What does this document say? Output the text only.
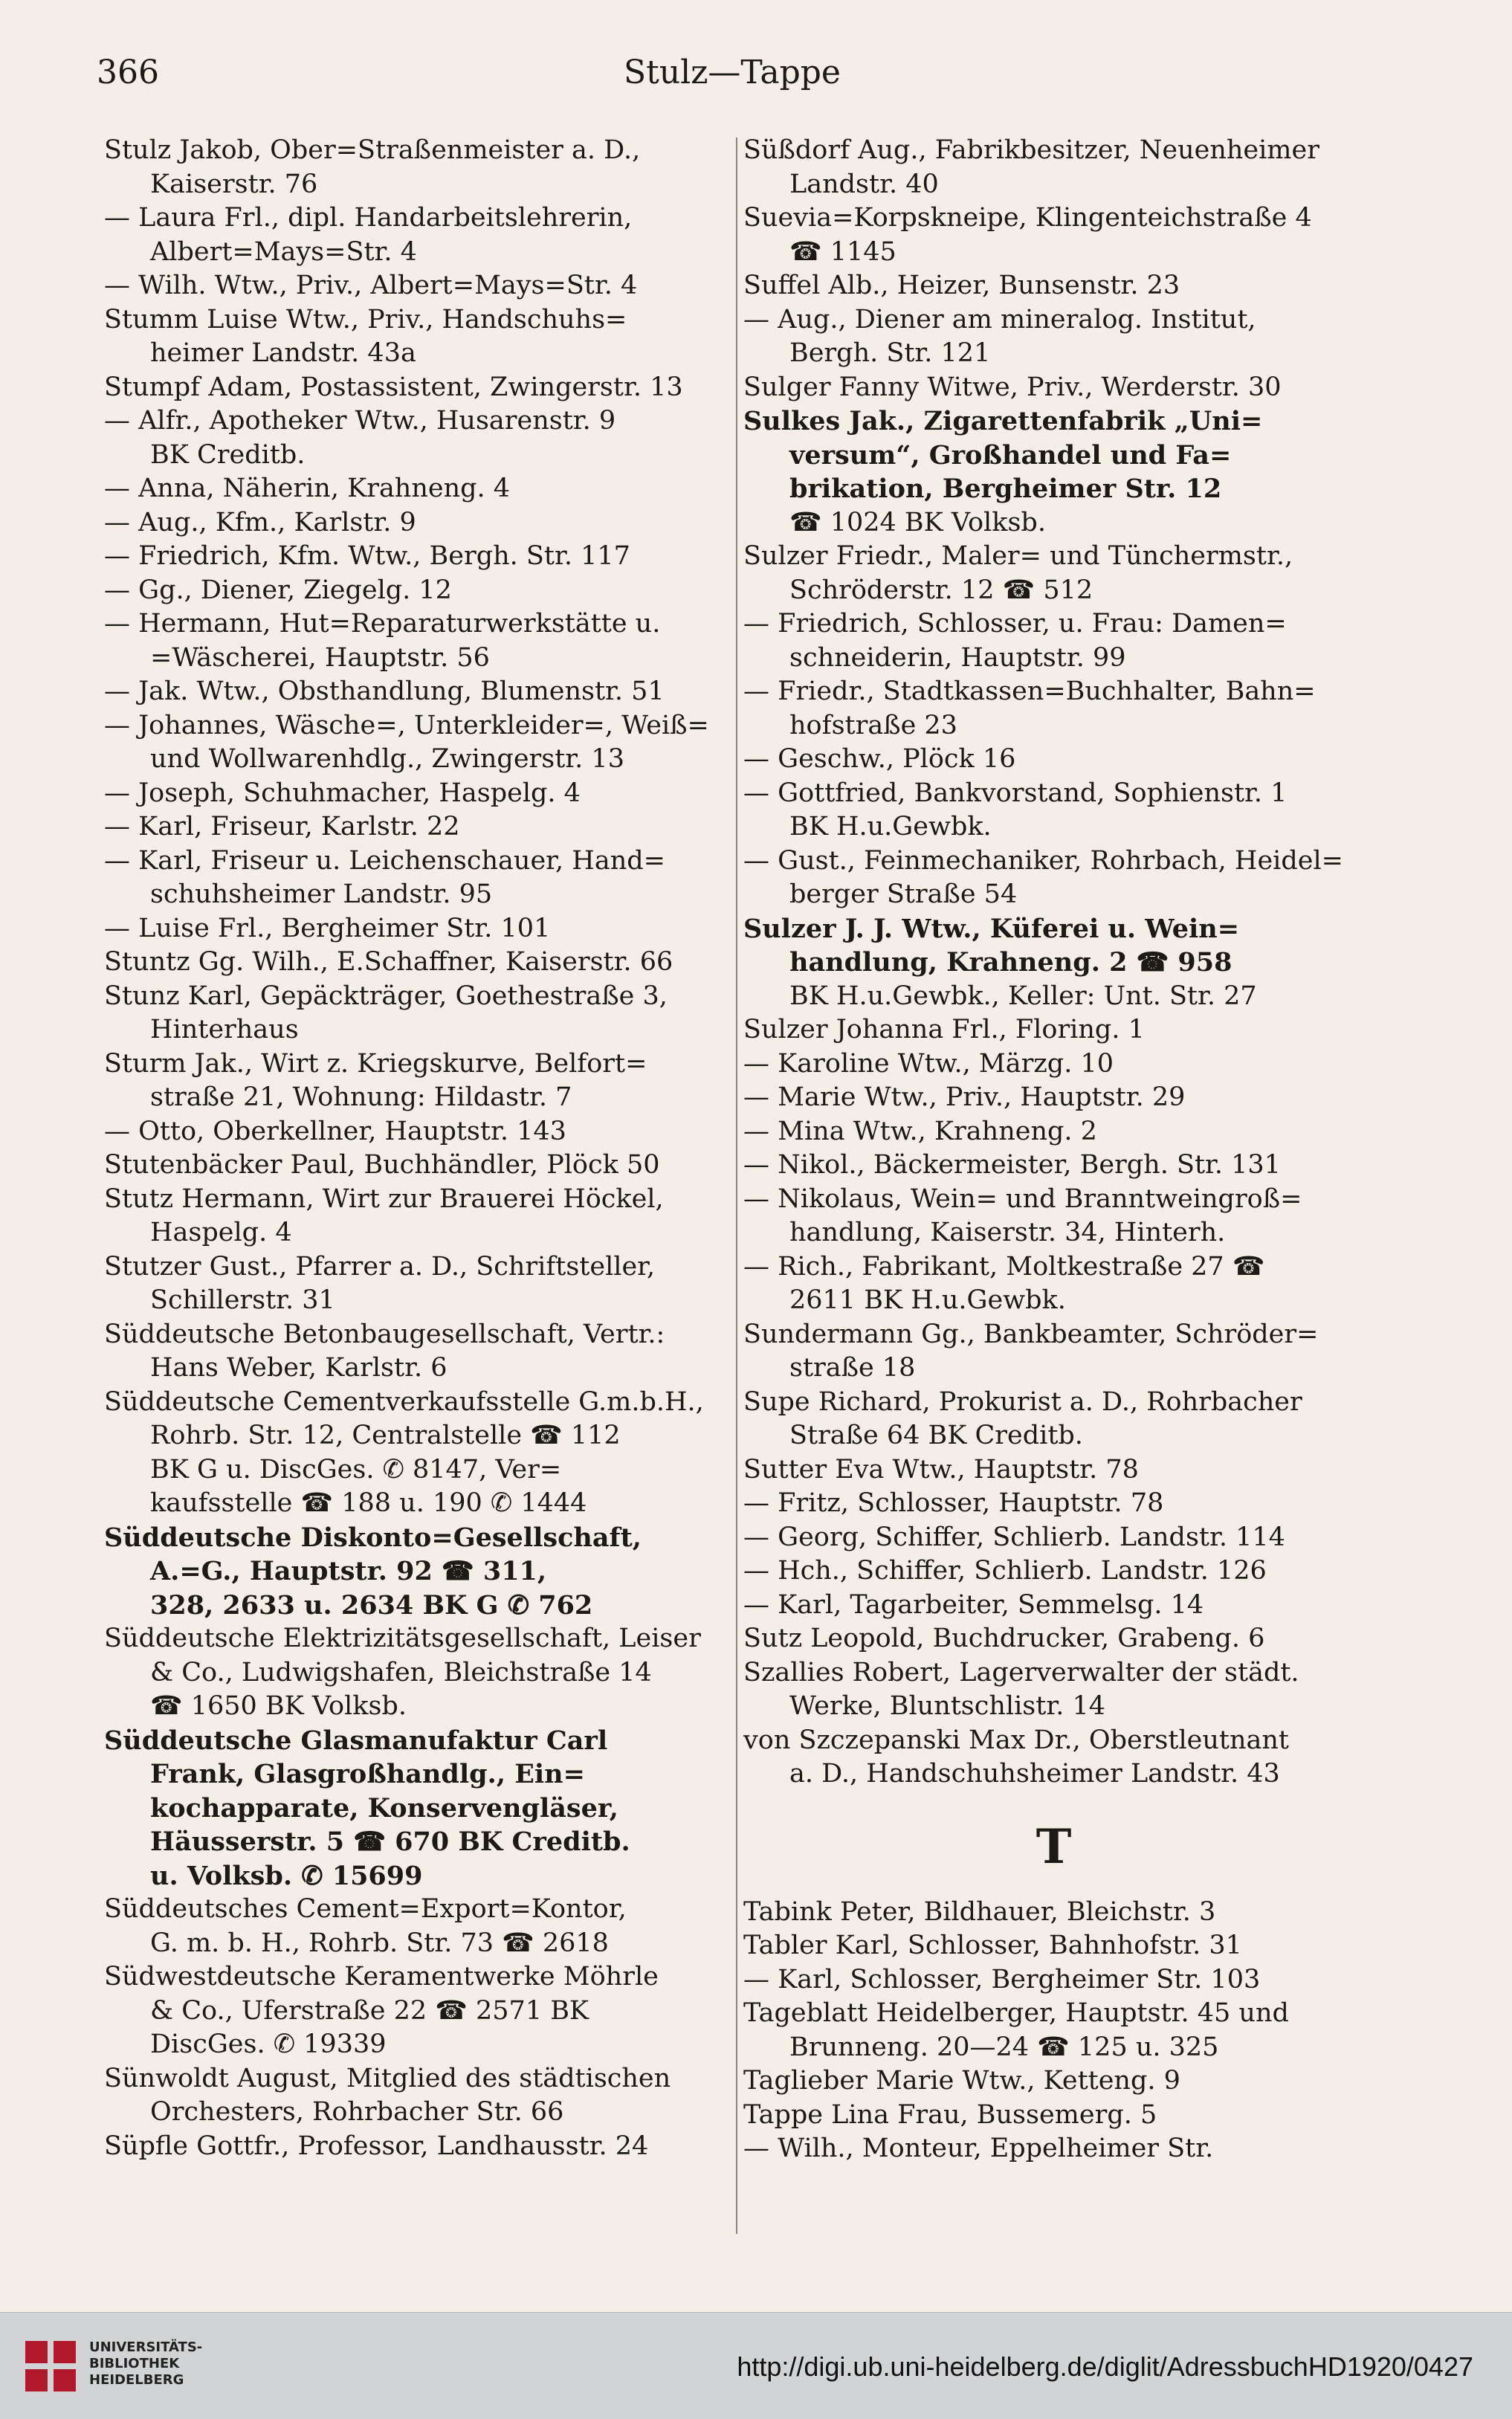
366	Stulz—Tappe

Stulz Jakob, Ober=Straßenmeister a. D.,

Kaiserstr. 76

— Laura Frl., dipl. Handarbeitslehrerin,

Albert=Mays=Str. 4

— Wilh. Wtw., Priv., Albert=Mays=Str. 4

Stumm Luise Wtw., Priv., Handschuhs=

heimer Landstr. 43a

Stumpf Adam, Postassistent, Zwingerstr. 13

— Alfr., Apotheker Wtw., Husarenstr. 9

BK Creditb.

— Anna, Näherin, Krahneng. 4

— Aug., Kfm., Karlstr. 9

— Friedrich, Kfm. Wtw., Bergh. Str. 117

— Gg., Diener, Ziegelg. 12

— Hermann, Hut=Reparaturwerkstätte u.

=Wäscherei, Hauptstr. 56

— Jak. Wtw., Obsthandlung, Blumenstr. 51

— Johannes, Wäsche=, Unterkleider=, Weiß=

und Wollwarenhdlg., Zwingerstr. 13

— Joseph, Schuhmacher, Haspelg. 4

— Karl, Friseur, Karlstr. 22

— Karl, Friseur u. Leichenschauer, Hand=

schuhsheimer Landstr. 95

— Luise Frl., Bergheimer Str. 101

Stuntz Gg. Wilh., E.Schaffner, Kaiserstr. 66

Stunz Karl, Gepäckträger, Goethestraße 3,

Hinterhaus

Sturm Jak., Wirt z. Kriegskurve, Belfort=

straße 21, Wohnung: Hildastr. 7

— Otto, Oberkellner, Hauptstr. 143

Stutenbäcker Paul, Buchhändler, Plöck 50

Stutz Hermann, Wirt zur Brauerei Höckel,

Haspelg. 4

Stutzer Gust., Pfarrer a. D., Schriftsteller,

Schillerstr. 31

Süddeutsche Betonbaugesellschaft, Vertr.:

Hans Weber, Karlstr. 6

Süddeutsche Cementverkaufsstelle G.m.b.H.,

Rohrb. Str. 12, Centralstelle ☎ 112

BK G u. DiscGes. ✆ 8147, Ver=

kaufsstelle ☎ 188 u. 190 ✆ 1444

Süddeutsche Diskonto=Gesellschaft,

A.=G., Hauptstr. 92 ☎ 311,

328, 2633 u. 2634 BK G ✆ 762

Süddeutsche Elektrizitätsgesellschaft, Leiser

& Co., Ludwigshafen, Bleichstraße 14

☎ 1650 BK Volksb.

Süddeutsche Glasmanufaktur Carl

Frank, Glasgroßhandlg., Ein=

kochapparate, Konservengläser,

Häusserstr. 5 ☎ 670 BK Creditb.

u. Volksb. ✆ 15699

Süddeutsches Cement=Export=Kontor,

G. m. b. H., Rohrb. Str. 73 ☎ 2618

Südwestdeutsche Keramentwerke Möhrle

& Co., Uferstraße 22 ☎ 2571 BK

DiscGes. ✆ 19339

Sünwoldt August, Mitglied des städtischen

Orchesters, Rohrbacher Str. 66

Süpfle Gottfr., Professor, Landhausstr. 24

Süßdorf Aug., Fabrikbesitzer, Neuenheimer

Landstr. 40

Suevia=Korpskneipe, Klingenteichstraße 4

☎ 1145

Suffel Alb., Heizer, Bunsenstr. 23

— Aug., Diener am mineralog. Institut,

Bergh. Str. 121

Sulger Fanny Witwe, Priv., Werderstr. 30

Sulkes Jak., Zigarettenfabrik „Uni=

versum“, Großhandel und Fa=

brikation, Bergheimer Str. 12

☎ 1024 BK Volksb.

Sulzer Friedr., Maler= und Tünchermstr.,

Schröderstr. 12 ☎ 512

— Friedrich, Schlosser, u. Frau: Damen=

schneiderin, Hauptstr. 99

— Friedr., Stadtkassen=Buchhalter, Bahn=

hofstraße 23

— Geschw., Plöck 16

— Gottfried, Bankvorstand, Sophienstr. 1

BK H.u.Gewbk.

— Gust., Feinmechaniker, Rohrbach, Heidel=

berger Straße 54

Sulzer J. J. Wtw., Küferei u. Wein=

handlung, Krahneng. 2 ☎ 958

BK H.u.Gewbk., Keller: Unt. Str. 27

Sulzer Johanna Frl., Floring. 1

— Karoline Wtw., Märzg. 10

— Marie Wtw., Priv., Hauptstr. 29

— Mina Wtw., Krahneng. 2

— Nikol., Bäckermeister, Bergh. Str. 131

— Nikolaus, Wein= und Branntweingroß=

handlung, Kaiserstr. 34, Hinterh.

— Rich., Fabrikant, Moltkestraße 27 ☎

2611 BK H.u.Gewbk.

Sundermann Gg., Bankbeamter, Schröder=

straße 18

Supe Richard, Prokurist a. D., Rohrbacher

Straße 64 BK Creditb.

Sutter Eva Wtw., Hauptstr. 78

— Fritz, Schlosser, Hauptstr. 78

— Georg, Schiffer, Schlierb. Landstr. 114

— Hch., Schiffer, Schlierb. Landstr. 126

— Karl, Tagarbeiter, Semmelsg. 14

Sutz Leopold, Buchdrucker, Grabeng. 6

Szallies Robert, Lagerverwalter der städt.

Werke, Bluntschlistr. 14

von Szczepanski Max Dr., Oberstleutnant

a. D., Handschuhsheimer Landstr. 43

T

Tabink Peter, Bildhauer, Bleichstr. 3

Tabler Karl, Schlosser, Bahnhofstr. 31

— Karl, Schlosser, Bergheimer Str. 103

Tageblatt Heidelberger, Hauptstr. 45 und

Brunneng. 20—24 ☎ 125 u. 325

Taglieber Marie Wtw., Ketteng. 9

Tappe Lina Frau, Bussemerg. 5

— Wilh., Monteur, Eppelheimer Str.

UNIVERSITÄTS-
BIBLIOTHEK
HEIDELBERG	http://digi.ub.uni-heidelberg.de/diglit/AdressbuchHD1920/0427
